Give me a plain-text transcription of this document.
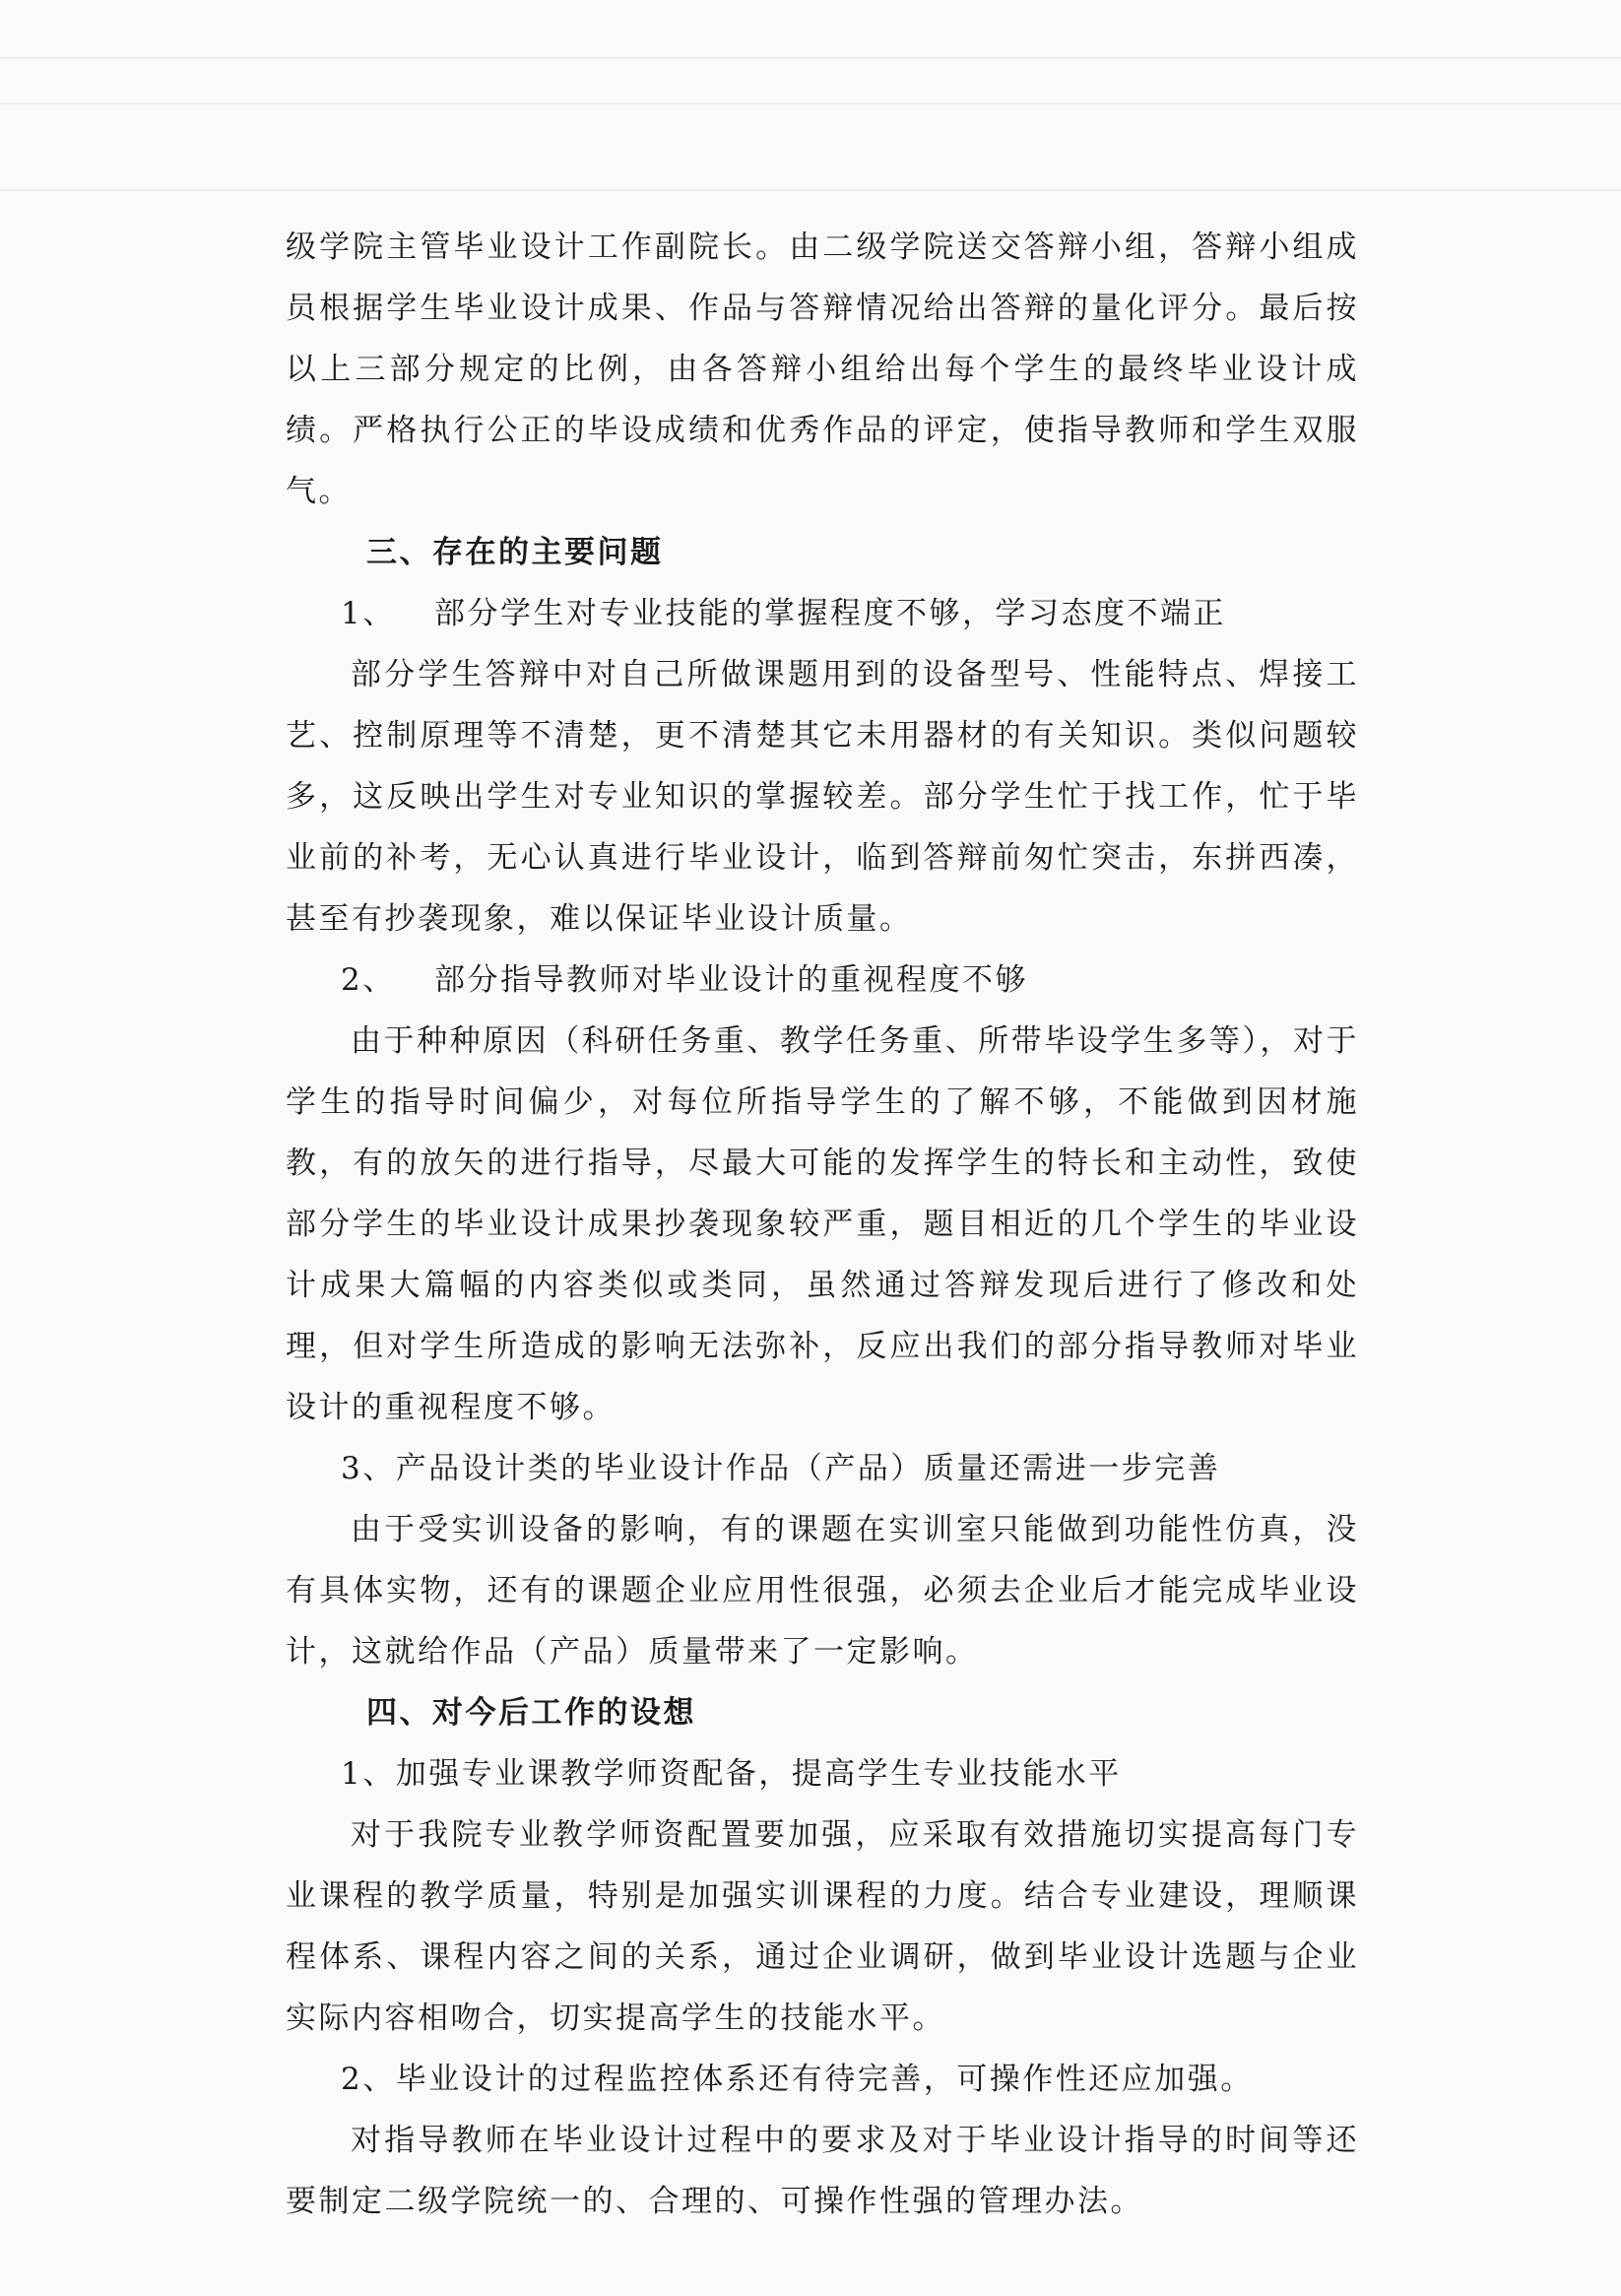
级学院主管毕业设计工作副院长。由二级学院送交答辩小组，答辩小组成员根据学生毕业设计成果、作品与答辩情况给出答辩的量化评分。最后按以上三部分规定的比例，由各答辩小组给出每个学生的最终毕业设计成绩。严格执行公正的毕设成绩和优秀作品的评定，使指导教师和学生双服气。

三、存在的主要问题

1、 部分学生对专业技能的掌握程度不够，学习态度不端正

部分学生答辩中对自己所做课题用到的设备型号、性能特点、焊接工艺、控制原理等不清楚，更不清楚其它未用器材的有关知识。类似问题较多，这反映出学生对专业知识的掌握较差。部分学生忙于找工作，忙于毕业前的补考，无心认真进行毕业设计，临到答辩前匆忙突击，东拼西凑，甚至有抄袭现象，难以保证毕业设计质量。

2、 部分指导教师对毕业设计的重视程度不够

由于种种原因（科研任务重、教学任务重、所带毕设学生多等），对于学生的指导时间偏少，对每位所指导学生的了解不够，不能做到因材施教，有的放矢的进行指导，尽最大可能的发挥学生的特长和主动性，致使部分学生的毕业设计成果抄袭现象较严重，题目相近的几个学生的毕业设计成果大篇幅的内容类似或类同，虽然通过答辩发现后进行了修改和处理，但对学生所造成的影响无法弥补，反应出我们的部分指导教师对毕业设计的重视程度不够。

3、产品设计类的毕业设计作品（产品）质量还需进一步完善

由于受实训设备的影响，有的课题在实训室只能做到功能性仿真，没有具体实物，还有的课题企业应用性很强，必须去企业后才能完成毕业设计，这就给作品（产品）质量带来了一定影响。

四、对今后工作的设想

1、加强专业课教学师资配备，提高学生专业技能水平

对于我院专业教学师资配置要加强，应采取有效措施切实提高每门专业课程的教学质量，特别是加强实训课程的力度。结合专业建设，理顺课程体系、课程内容之间的关系，通过企业调研，做到毕业设计选题与企业实际内容相吻合，切实提高学生的技能水平。

2、毕业设计的过程监控体系还有待完善，可操作性还应加强。

对指导教师在毕业设计过程中的要求及对于毕业设计指导的时间等还要制定二级学院统一的、合理的、可操作性强的管理办法。
